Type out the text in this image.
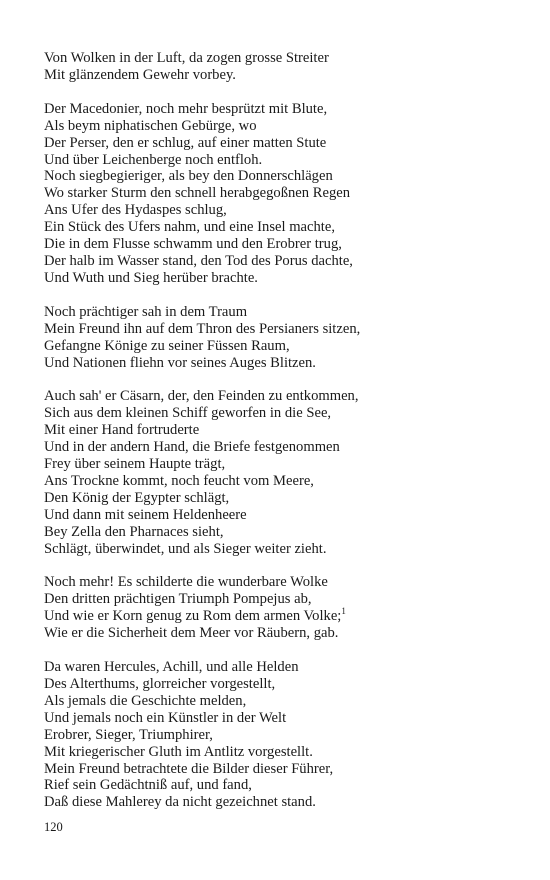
Von Wolken in der Luft, da zogen grosse Streiter
Mit glänzendem Gewehr vorbey.
Der Macedonier, noch mehr besprützt mit Blute,
Als beym niphatischen Gebürge, wo
Der Perser, den er schlug, auf einer matten Stute
Und über Leichenberge noch entfloh.
Noch siegbegieriger, als bey den Donnerschlägen
Wo starker Sturm den schnell herabgegoßnen Regen
Ans Ufer des Hydaspes schlug,
Ein Stück des Ufers nahm, und eine Insel machte,
Die in dem Flusse schwamm und den Erobrer trug,
Der halb im Wasser stand, den Tod des Porus dachte,
Und Wuth und Sieg herüber brachte.
Noch prächtiger sah in dem Traum
Mein Freund ihn auf dem Thron des Persianers sitzen,
Gefangne Könige zu seiner Füssen Raum,
Und Nationen fliehn vor seines Auges Blitzen.
Auch sah' er Cäsarn, der, den Feinden zu entkommen,
Sich aus dem kleinen Schiff geworfen in die See,
Mit einer Hand fortruderte
Und in der andern Hand, die Briefe festgenommen
Frey über seinem Haupte trägt,
Ans Trockne kommt, noch feucht vom Meere,
Den König der Egypter schlägt,
Und dann mit seinem Heldenheere
Bey Zella den Pharnaces sieht,
Schlägt, überwindet, und als Sieger weiter zieht.
Noch mehr! Es schilderte die wunderbare Wolke
Den dritten prächtigen Triumph Pompejus ab,
Und wie er Korn genug zu Rom dem armen Volke;$^1$
Wie er die Sicherheit dem Meer vor Räubern, gab.
Da waren Hercules, Achill, und alle Helden
Des Alterthums, glorreicher vorgestellt,
Als jemals die Geschichte melden,
Und jemals noch ein Künstler in der Welt
Erobrer, Sieger, Triumphirer,
Mit kriegerischer Gluth im Antlitz vorgestellt.
Mein Freund betrachtete die Bilder dieser Führer,
Rief sein Gedächtniß auf, und fand,
Daß diese Mahlerey da nicht gezeichnet stand.
120
